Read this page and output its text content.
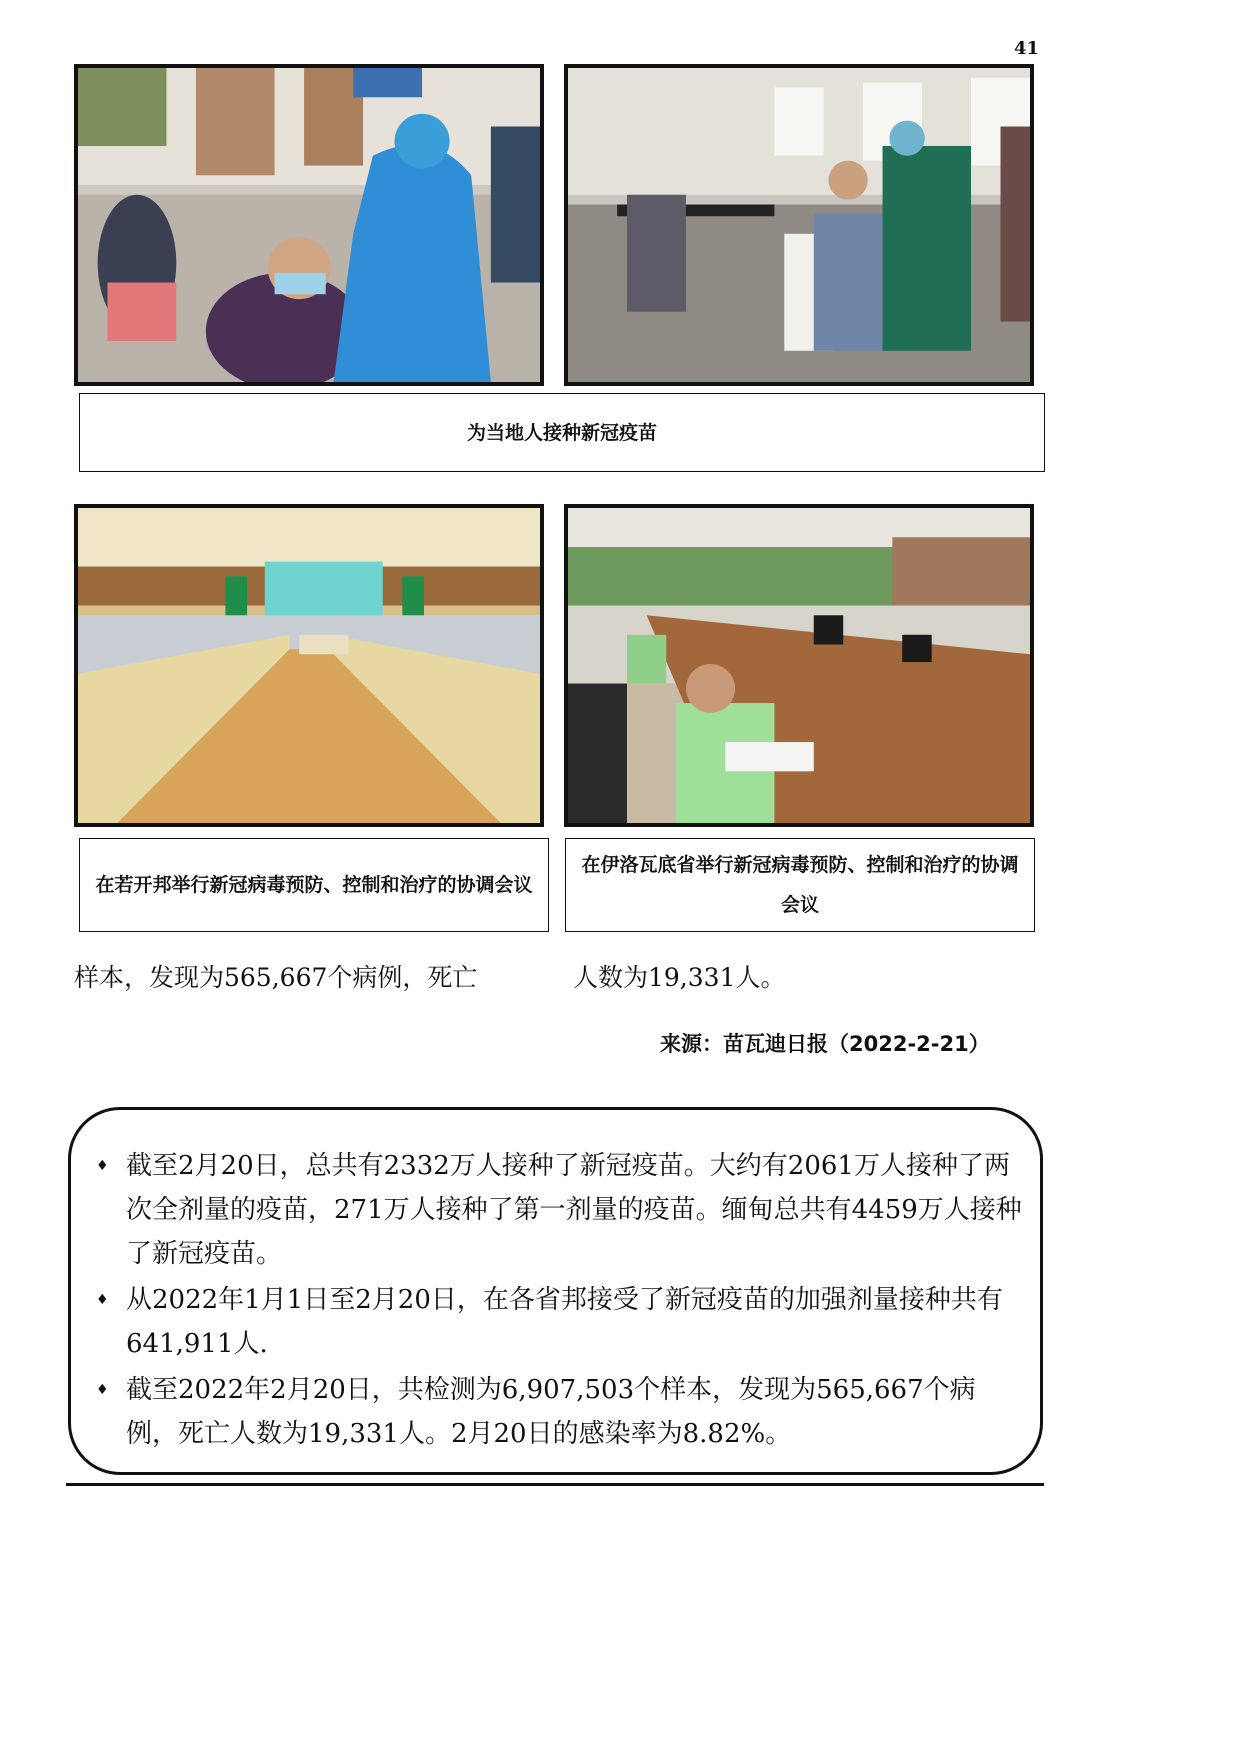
41
为当地人接种新冠疫苗
在若开邦举行新冠病毒预防、控制和治疗的协调会议
在伊洛瓦底省举行新冠病毒预防、控制和治疗的协调会议
样本，发现为565,667个病例，死亡	人数为19,331人。
来源：苗瓦迪日报（2022-2-21）
♦ 截至2月20日，总共有2332万人接种了新冠疫苗。大约有2061万人接种了两次全剂量的疫苗，271万人接种了第一剂量的疫苗。缅甸总共有4459万人接种了新冠疫苗。
♦ 从2022年1月1日至2月20日，在各省邦接受了新冠疫苗的加强剂量接种共有641,911人.
♦ 截至2022年2月20日，共检测为6,907,503个样本，发现为565,667个病例，死亡人数为19,331人。2月20日的感染率为8.82%。
